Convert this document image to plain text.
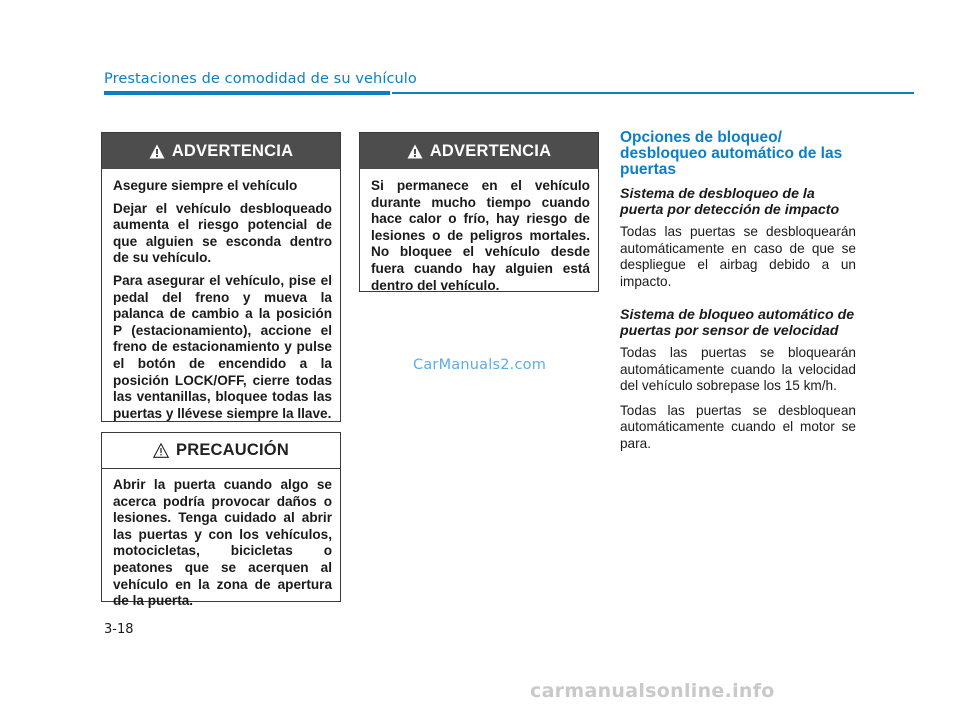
Prestaciones de comodidad de su vehículo
ADVERTENCIA

Asegure siempre el vehículo

Dejar el vehículo desbloqueado aumenta el riesgo potencial de que alguien se esconda dentro de su vehículo.

Para asegurar el vehículo, pise el pedal del freno y mueva la palanca de cambio a la posición P (estacionamiento), accione el freno de estacionamiento y pulse el botón de encendido a la posición LOCK/OFF, cierre todas las ventanillas, bloquee todas las puertas y llévese siempre la llave.

PRECAUCIÓN

Abrir la puerta cuando algo se acerca podría provocar daños o lesiones. Tenga cuidado al abrir las puertas y con los vehículos, motocicletas, bicicletas o peatones que se acerquen al vehículo en la zona de apertura de la puerta.

ADVERTENCIA

Si permanece en el vehículo durante mucho tiempo cuando hace calor o frío, hay riesgo de lesiones o de peligros mortales. No bloquee el vehículo desde fuera cuando hay alguien está dentro del vehículo.

Opciones de bloqueo/ desbloqueo automático de las puertas
Sistema de desbloqueo de la puerta por detección de impacto
Todas las puertas se desbloquearán automáticamente en caso de que se despliegue el airbag debido a un impacto.
Sistema de bloqueo automático de puertas por sensor de velocidad
Todas las puertas se bloquearán automáticamente cuando la velocidad del vehículo sobrepase los 15 km/h.
Todas las puertas se desbloquean automáticamente cuando el motor se para.
CarManuals2.com
3-18
carmanualsonline.info
